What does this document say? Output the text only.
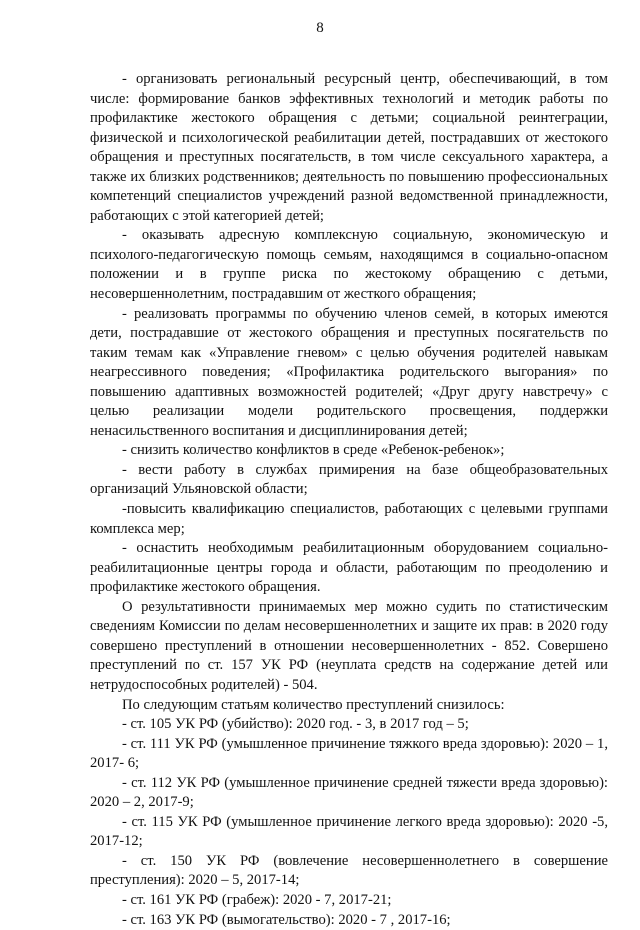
8

- организовать региональный ресурсный центр, обеспечивающий, в том числе: формирование банков эффективных технологий и методик работы по профилактике жестокого обращения с детьми; социальной реинтеграции, физической и психологической реабилитации детей, пострадавших от жестокого обращения и преступных посягательств, в том числе сексуального характера, а также их близких родственников; деятельность по повышению профессиональных компетенций специалистов учреждений разной ведомственной принадлежности, работающих с этой категорией детей;

- оказывать адресную комплексную социальную, экономическую и психолого-педагогическую помощь семьям, находящимся в социально-опасном положении и в группе риска по жестокому обращению с детьми, несовершеннолетним, пострадавшим от жесткого обращения;

- реализовать программы по обучению членов семей, в которых имеются дети, пострадавшие от жестокого обращения и преступных посягательств по таким темам как «Управление гневом» с целью обучения родителей навыкам неагрессивного поведения; «Профилактика родительского выгорания» по повышению адаптивных возможностей родителей; «Друг другу навстречу» с целью реализации модели родительского просвещения, поддержки ненасильственного воспитания и дисциплинирования детей;

- снизить количество конфликтов в среде «Ребенок-ребенок»;

- вести работу в службах примирения на базе общеобразовательных организаций Ульяновской области;

-повысить квалификацию специалистов, работающих с целевыми группами комплекса мер;

- оснастить необходимым реабилитационным оборудованием социально-реабилитационные центры города и области, работающим по преодолению и профилактике жестокого обращения.

О результативности принимаемых мер можно судить по статистическим сведениям Комиссии по делам несовершеннолетних и защите их прав: в 2020 году совершено преступлений в отношении несовершеннолетних - 852. Совершено преступлений по ст. 157 УК РФ (неуплата средств на содержание детей или нетрудоспособных родителей) - 504.

По следующим статьям количество преступлений снизилось:

- ст. 105 УК РФ (убийство): 2020 год. - 3, в 2017 год – 5;

- ст. 111 УК РФ (умышленное причинение тяжкого вреда здоровью): 2020 – 1, 2017- 6;

- ст. 112 УК РФ (умышленное причинение средней тяжести вреда здоровью): 2020 – 2, 2017-9;

- ст. 115 УК РФ (умышленное причинение легкого вреда здоровью): 2020 -5, 2017-12;

- ст. 150 УК РФ (вовлечение несовершеннолетнего в совершение преступления): 2020 – 5, 2017-14;

- ст. 161 УК РФ (грабеж): 2020 - 7, 2017-21;

- ст. 163 УК РФ (вымогательство): 2020 - 7 , 2017-16;
